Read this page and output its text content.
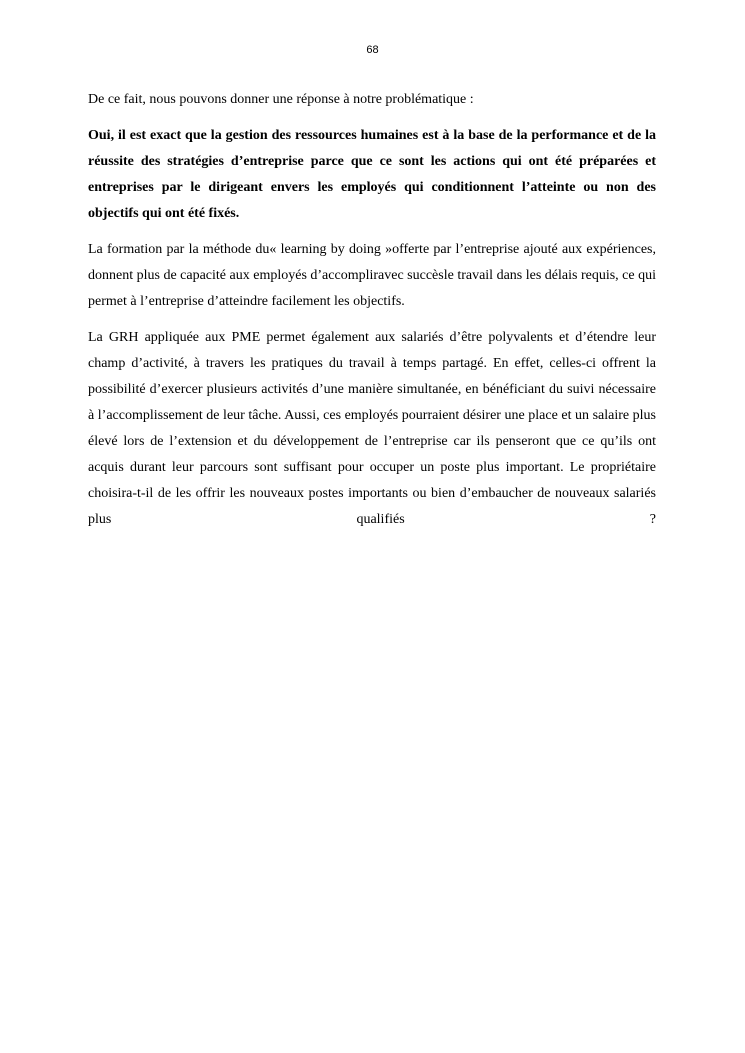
68

De ce fait, nous pouvons donner une réponse à notre problématique :

Oui, il est exact que la gestion des ressources humaines est à la base de la performance et de la réussite des stratégies d’entreprise parce que ce sont les actions qui ont été préparées et entreprises par le dirigeant envers les employés qui conditionnent l’atteinte ou non des objectifs qui ont été fixés.

La formation par la méthode du« learning by doing »offerte par l’entreprise ajouté aux expériences, donnent plus de capacité aux employés d’accompliravec succèsle travail dans les délais requis, ce qui permet à l’entreprise d’atteindre facilement les objectifs.

La GRH appliquée aux PME permet également aux salariés d’être polyvalents et d’étendre leur champ d’activité, à travers les pratiques du travail à temps partagé. En effet, celles-ci offrent la possibilité d’exercer plusieurs activités d’une manière simultanée, en bénéficiant du suivi nécessaire à l’accomplissement de leur tâche. Aussi, ces employés pourraient désirer une place et un salaire plus élevé lors de l’extension et du développement de l’entreprise car ils penseront que ce qu’ils ont acquis durant leur parcours sont suffisant pour occuper un poste plus important. Le propriétaire choisira-t-il de les offrir les nouveaux postes importants ou bien d’embaucher de nouveaux salariés plus qualifiés ?
